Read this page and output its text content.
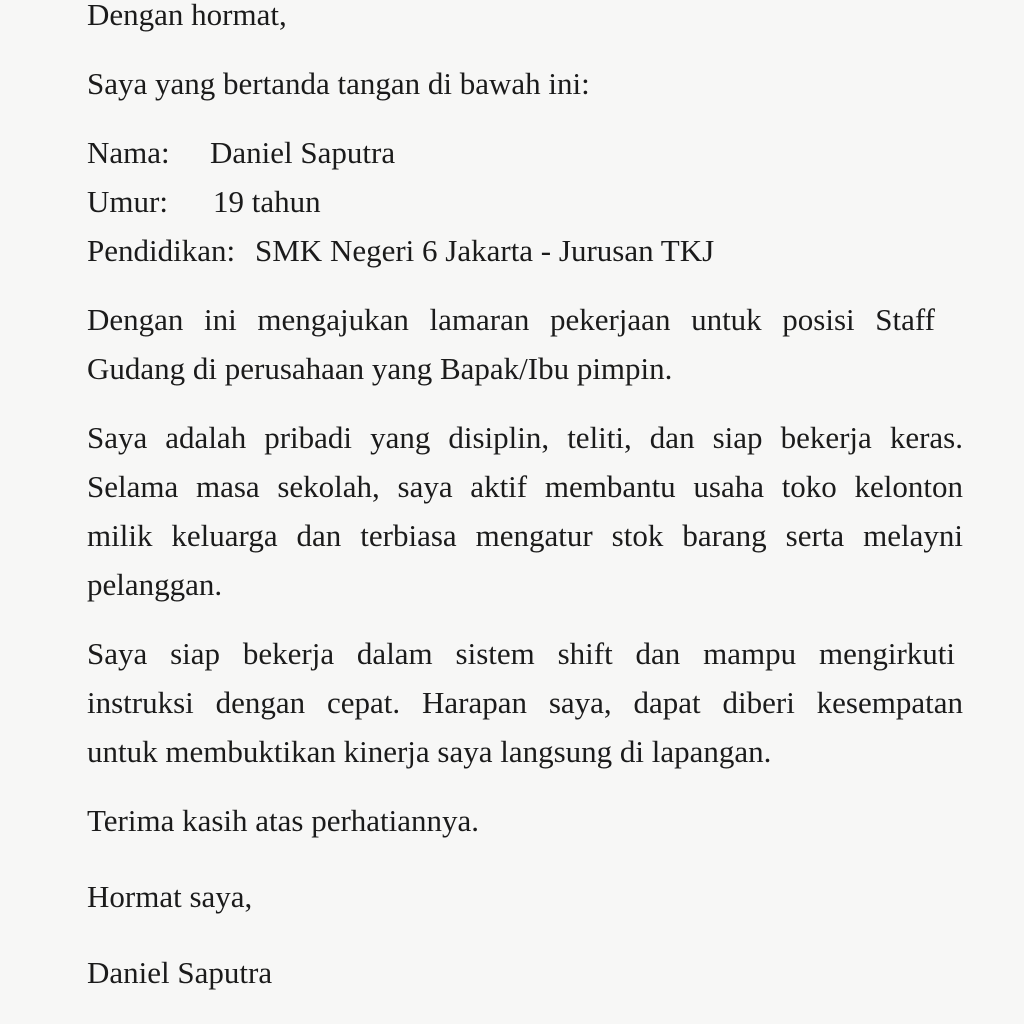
Dengan hormat,

Saya yang bertanda tangan di bawah ini:

Nama:	Daniel Saputra
Umur:	19 tahun
Pendidikan: SMK Negeri 6 Jakarta - Jurusan TKJ

Dengan ini mengajukan lamaran pekerjaan untuk posisi Staff

Gudang di perusahaan yang Bapak/Ibu pimpin.

Saya adalah pribadi yang disiplin, teliti, dan siap bekerja keras.

Selama masa sekolah, saya aktif membantu usaha toko kelonton

milik keluarga dan terbiasa mengatur stok barang serta melayni

pelanggan.

Saya siap bekerja dalam sistem shift dan mampu mengirkuti

instruksi dengan cepat. Harapan saya, dapat diberi kesempatan

untuk membuktikan kinerja saya langsung di lapangan.

Terima kasih atas perhatiannya.

Hormat saya,

Daniel Saputra
